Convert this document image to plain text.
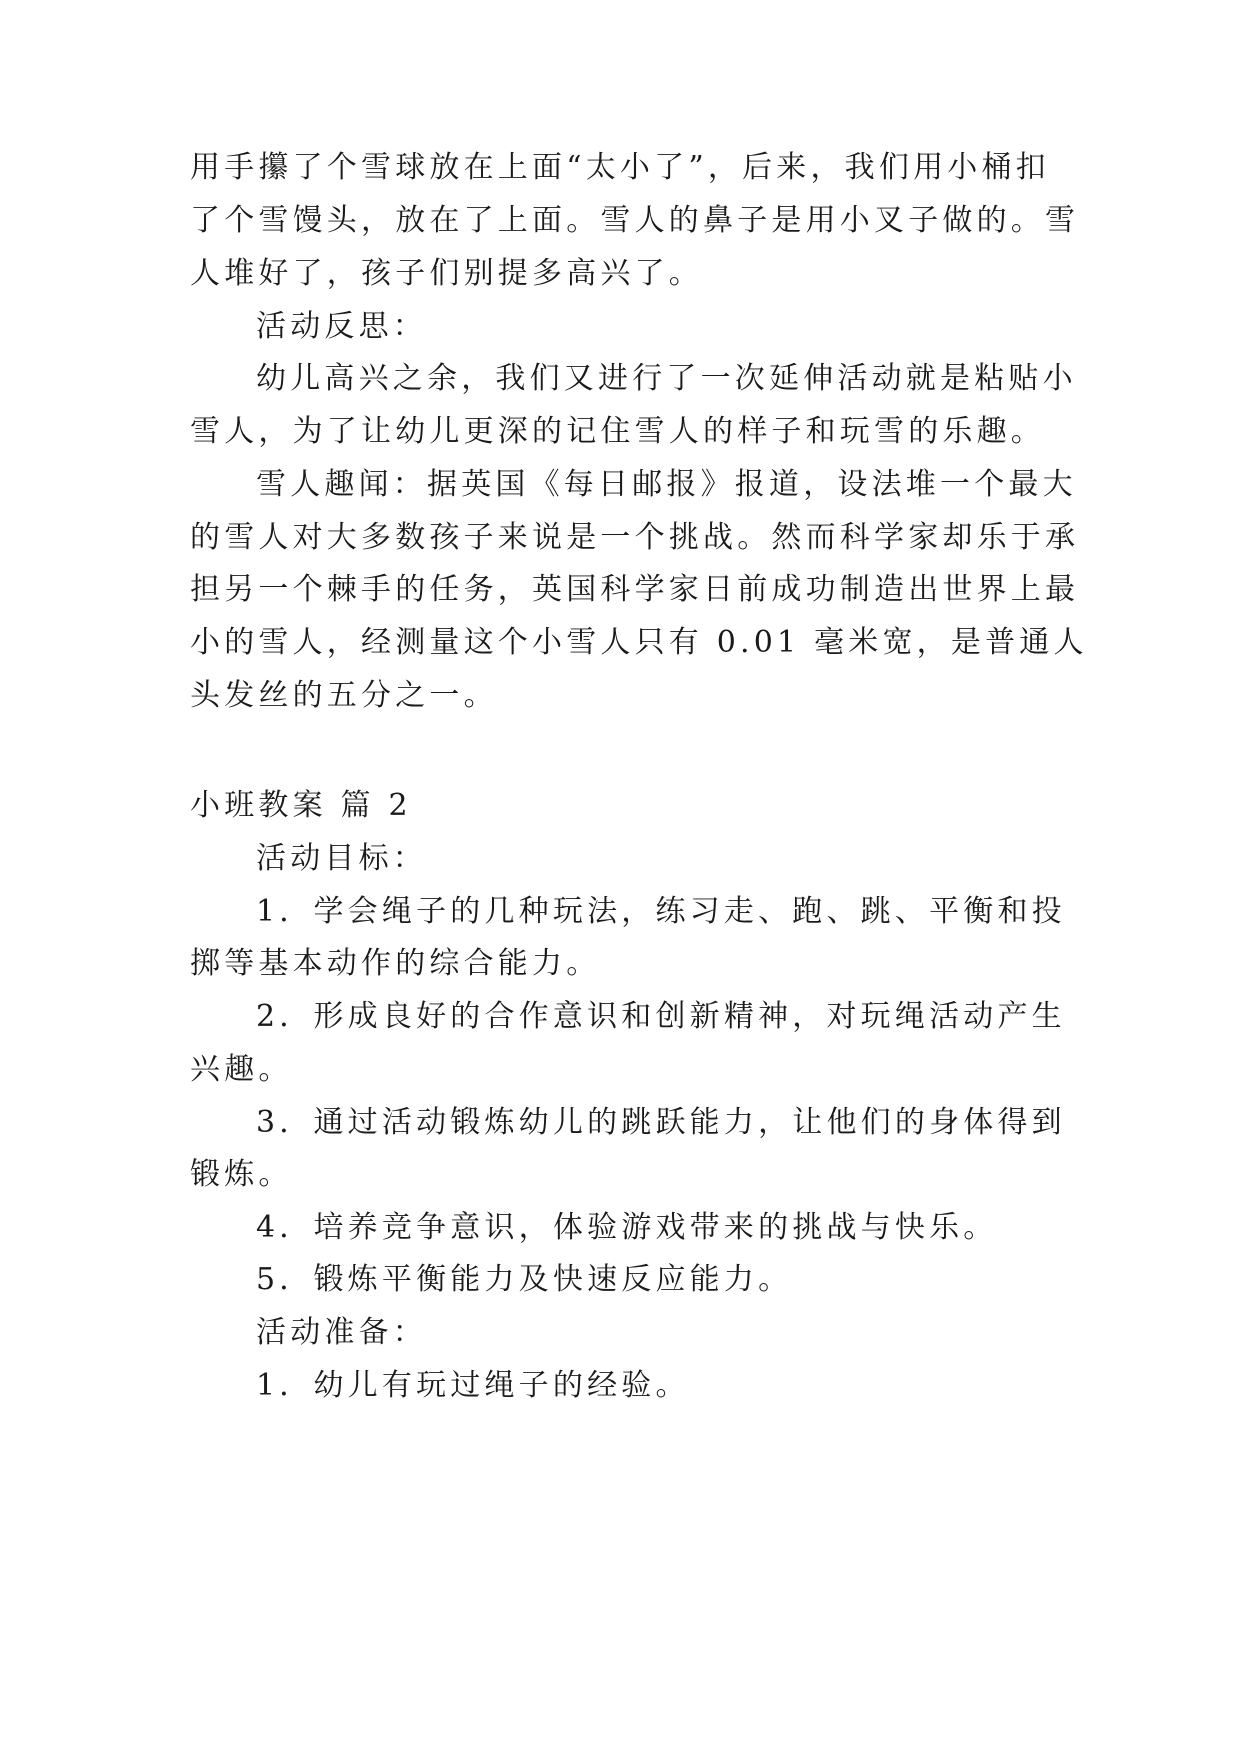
用手攥了个雪球放在上面“太小了”，后来，我们用小桶扣
了个雪馒头，放在了上面。雪人的鼻子是用小叉子做的。雪
人堆好了，孩子们别提多高兴了。
活动反思：
幼儿高兴之余，我们又进行了一次延伸活动就是粘贴小
雪人，为了让幼儿更深的记住雪人的样子和玩雪的乐趣。
雪人趣闻：据英国《每日邮报》报道，设法堆一个最大
的雪人对大多数孩子来说是一个挑战。然而科学家却乐于承
担另一个棘手的任务，英国科学家日前成功制造出世界上最
小的雪人，经测量这个小雪人只有 0.01 毫米宽，是普通人
头发丝的五分之一。
小班教案 篇 2
活动目标：
1．学会绳子的几种玩法，练习走、跑、跳、平衡和投
掷等基本动作的综合能力。
2．形成良好的合作意识和创新精神，对玩绳活动产生
兴趣。
3．通过活动锻炼幼儿的跳跃能力，让他们的身体得到
锻炼。
4．培养竞争意识，体验游戏带来的挑战与快乐。
5．锻炼平衡能力及快速反应能力。
活动准备：
1．幼儿有玩过绳子的经验。
